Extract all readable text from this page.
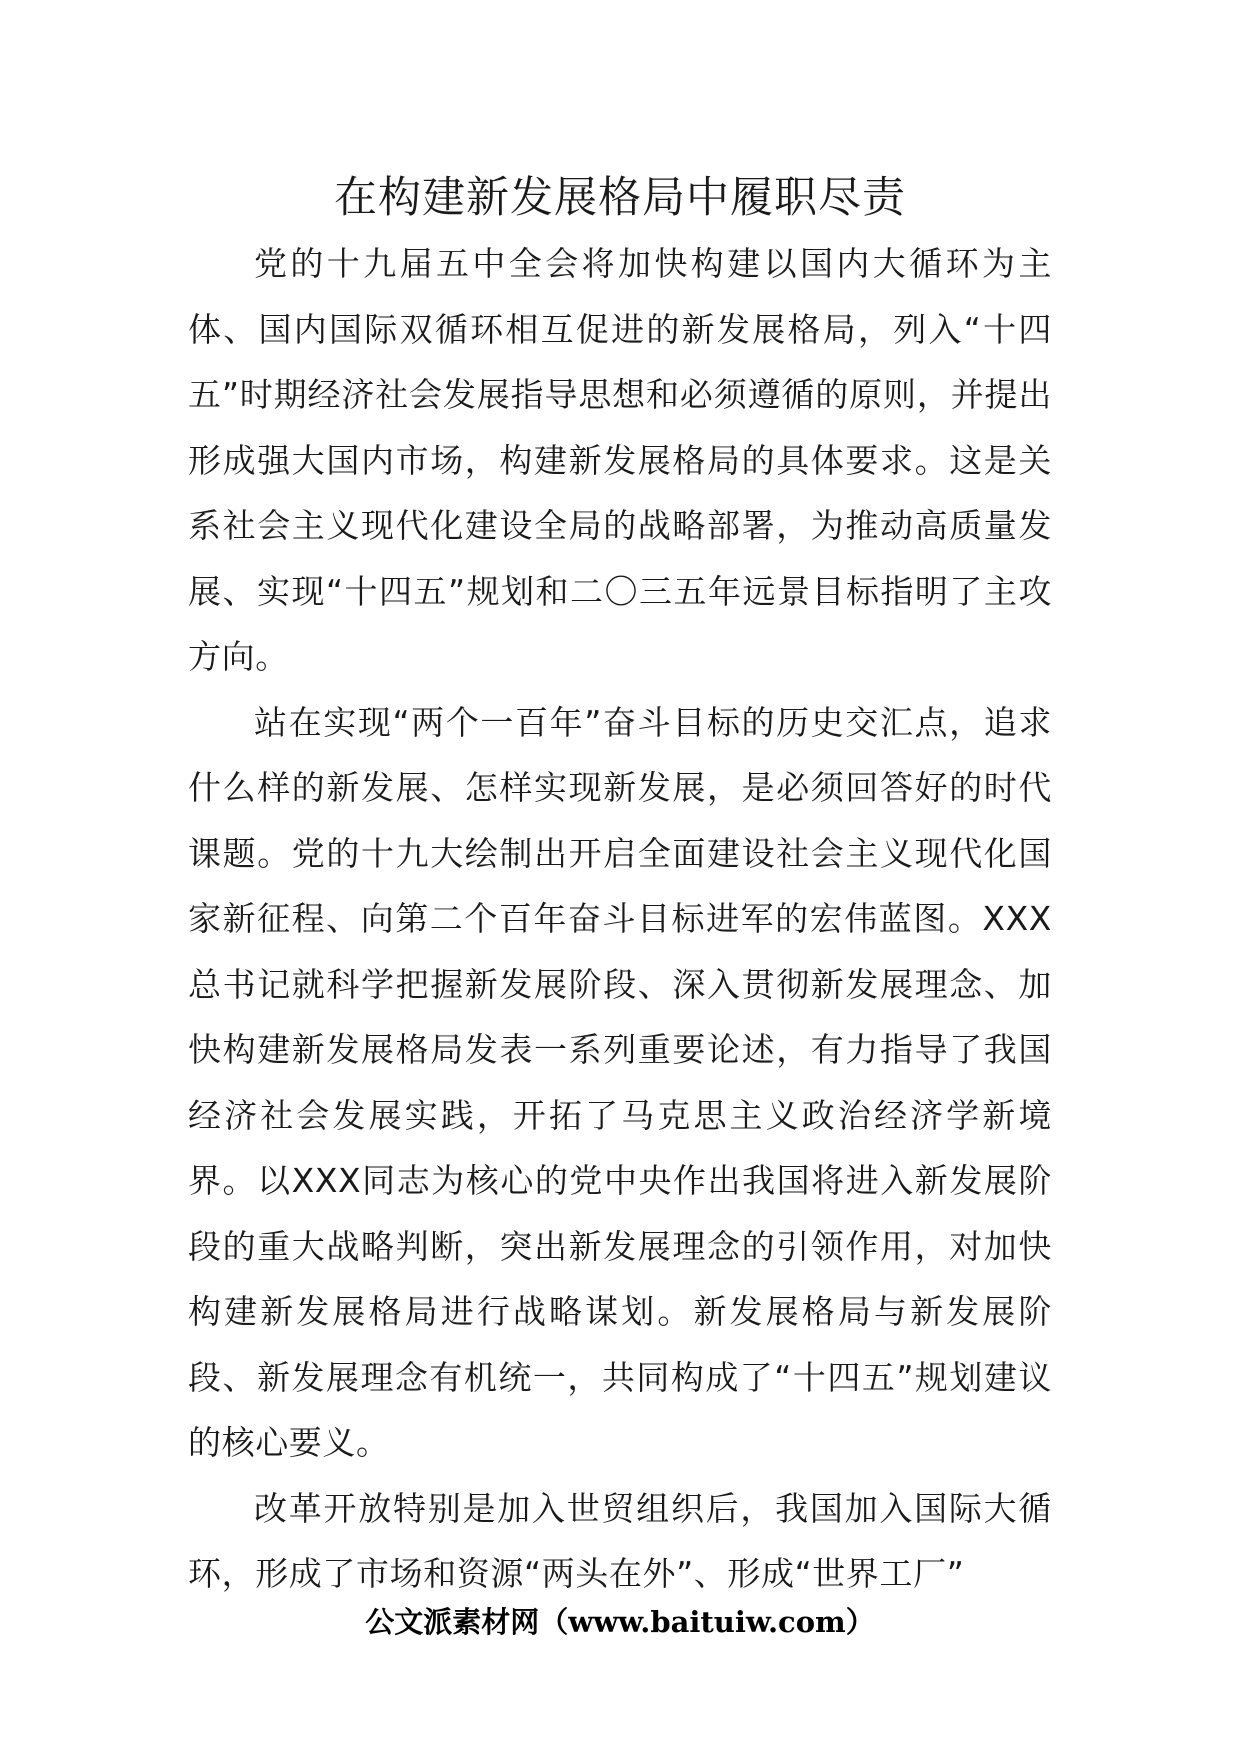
在构建新发展格局中履职尽责

党的十九届五中全会将加快构建以国内大循环为主体、国内国际双循环相互促进的新发展格局，列入“十四五”时期经济社会发展指导思想和必须遵循的原则，并提出形成强大国内市场，构建新发展格局的具体要求。这是关系社会主义现代化建设全局的战略部署，为推动高质量发展、实现“十四五”规划和二〇三五年远景目标指明了主攻方向。

站在实现“两个一百年”奋斗目标的历史交汇点，追求什么样的新发展、怎样实现新发展，是必须回答好的时代课题。党的十九大绘制出开启全面建设社会主义现代化国家新征程、向第二个百年奋斗目标进军的宏伟蓝图。XXX总书记就科学把握新发展阶段、深入贯彻新发展理念、加快构建新发展格局发表一系列重要论述，有力指导了我国经济社会发展实践，开拓了马克思主义政治经济学新境界。以XXX同志为核心的党中央作出我国将进入新发展阶段的重大战略判断，突出新发展理念的引领作用，对加快构建新发展格局进行战略谋划。新发展格局与新发展阶段、新发展理念有机统一，共同构成了“十四五”规划建议的核心要义。

改革开放特别是加入世贸组织后，我国加入国际大循环，形成了市场和资源“两头在外”、形成“世界工厂”

公文派素材网（www.baituiw.com）
